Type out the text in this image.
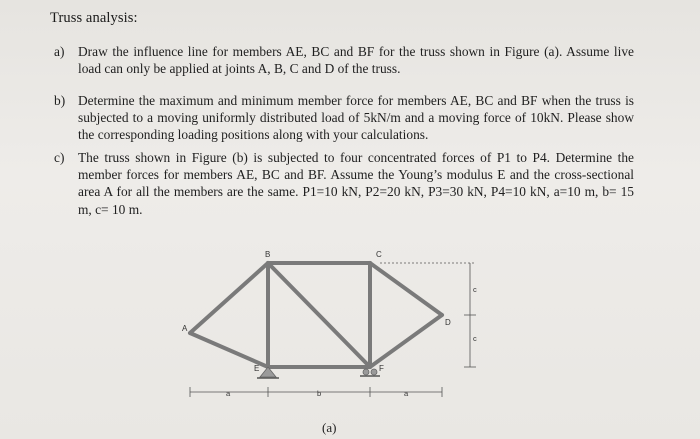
Truss analysis:
a) Draw the influence line for members AE, BC and BF for the truss shown in Figure (a). Assume live load can only be applied at joints A, B, C and D of the truss.
b) Determine the maximum and minimum member force for members AE, BC and BF when the truss is subjected to a moving uniformly distributed load of 5kN/m and a moving force of 10kN. Please show the corresponding loading positions along with your calculations.
c) The truss shown in Figure (b) is subjected to four concentrated forces of P1 to P4. Determine the member forces for members AE, BC and BF. Assume the Young’s modulus E and the cross-sectional area A for all the members are the same. P1=10 kN, P2=20 kN, P3=30 kN, P4=10 kN, a=10 m, b= 15 m, c= 10 m.
A
B	C
D
E	F
a	b	a
c
c
(a)
